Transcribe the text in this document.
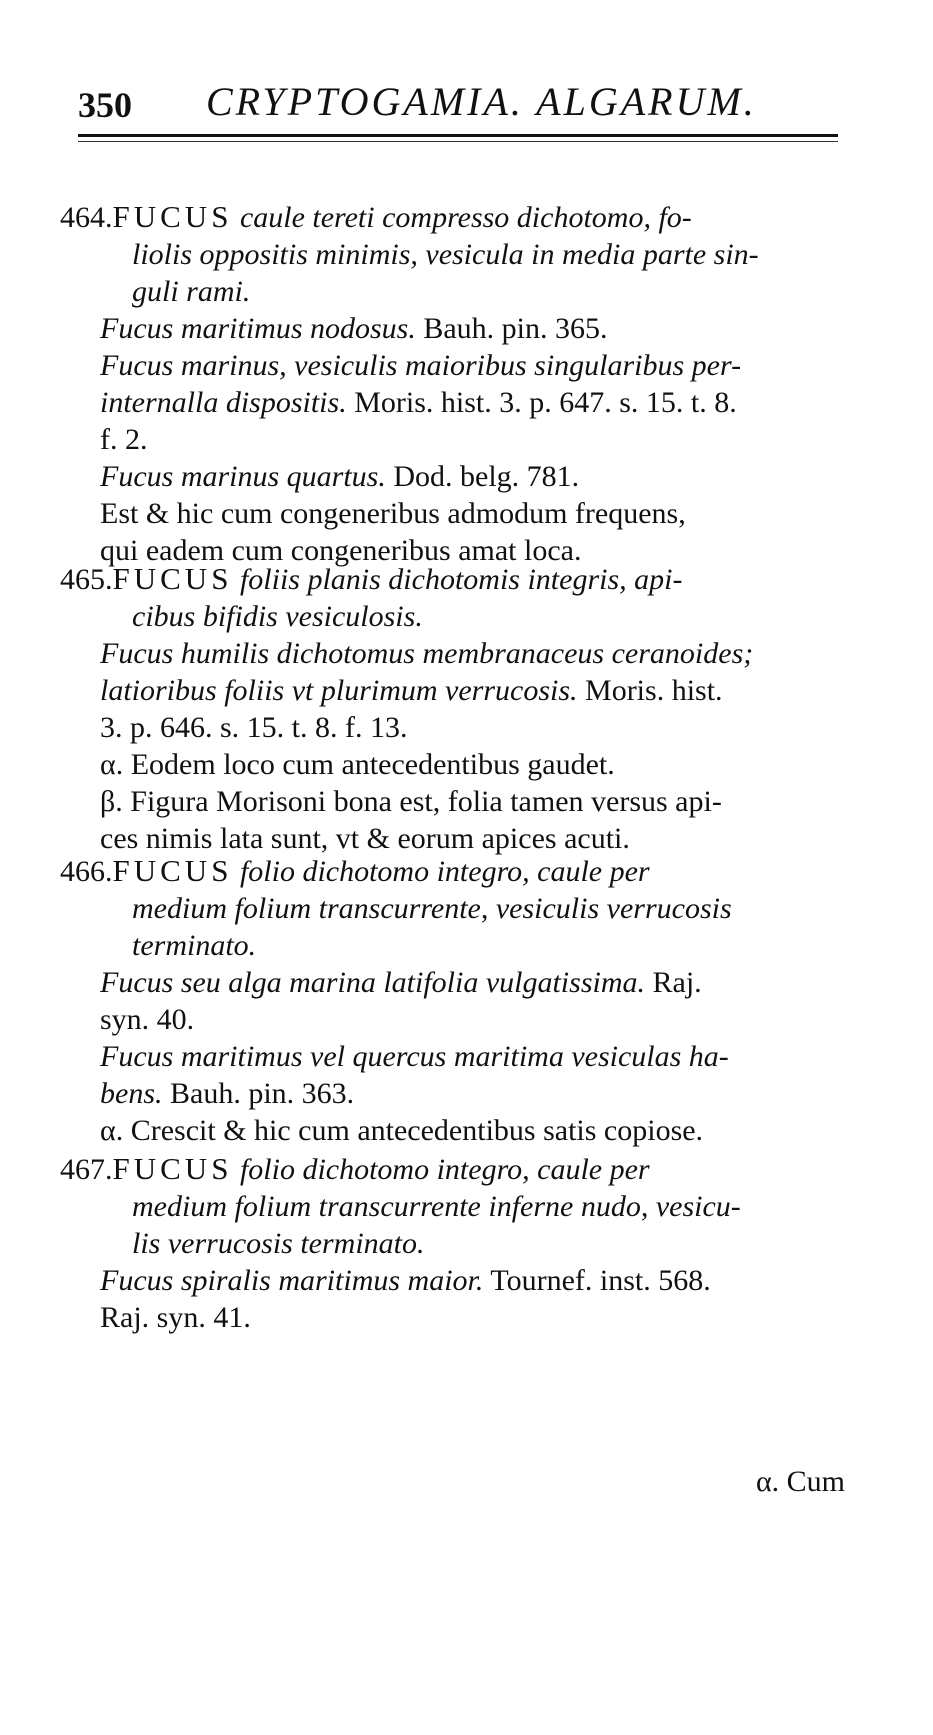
350 CRYPTOGAMIA. ALGARUM.
464.FUCUS caule tereti compresso dichotomo, fo-
liolis oppositis minimis, vesicula in media parte sin-
guli rami.
Fucus maritimus nodosus. Bauh. pin. 365.
Fucus marinus, vesiculis maioribus singularibus per-
internalla dispositis. Moris. hist. 3. p. 647. s. 15. t. 8.
f. 2.
Fucus marinus quartus. Dod. belg. 781.
Est & hic cum congeneribus admodum frequens,
qui eadem cum congeneribus amat loca.
465.FUCUS foliis planis dichotomis integris, api-
cibus bifidis vesiculosis.
Fucus humilis dichotomus membranaceus ceranoides;
latioribus foliis vt plurimum verrucosis. Moris. hist.
3. p. 646. s. 15. t. 8. f. 13.
α. Eodem loco cum antecedentibus gaudet.
β. Figura Morisoni bona est, folia tamen versus api-
ces nimis lata sunt, vt & eorum apices acuti.
466.FUCUS folio dichotomo integro, caule per
medium folium transcurrente, vesiculis verrucosis
terminato.
Fucus seu alga marina latifolia vulgatissima. Raj.
syn. 40.
Fucus maritimus vel quercus maritima vesiculas ha-
bens. Bauh. pin. 363.
α. Crescit & hic cum antecedentibus satis copiose.
467.FUCUS folio dichotomo integro, caule per
medium folium transcurrente inferne nudo, vesicu-
lis verrucosis terminato.
Fucus spiralis maritimus maior. Tournef. inst. 568.
Raj. syn. 41.
α. Cum
